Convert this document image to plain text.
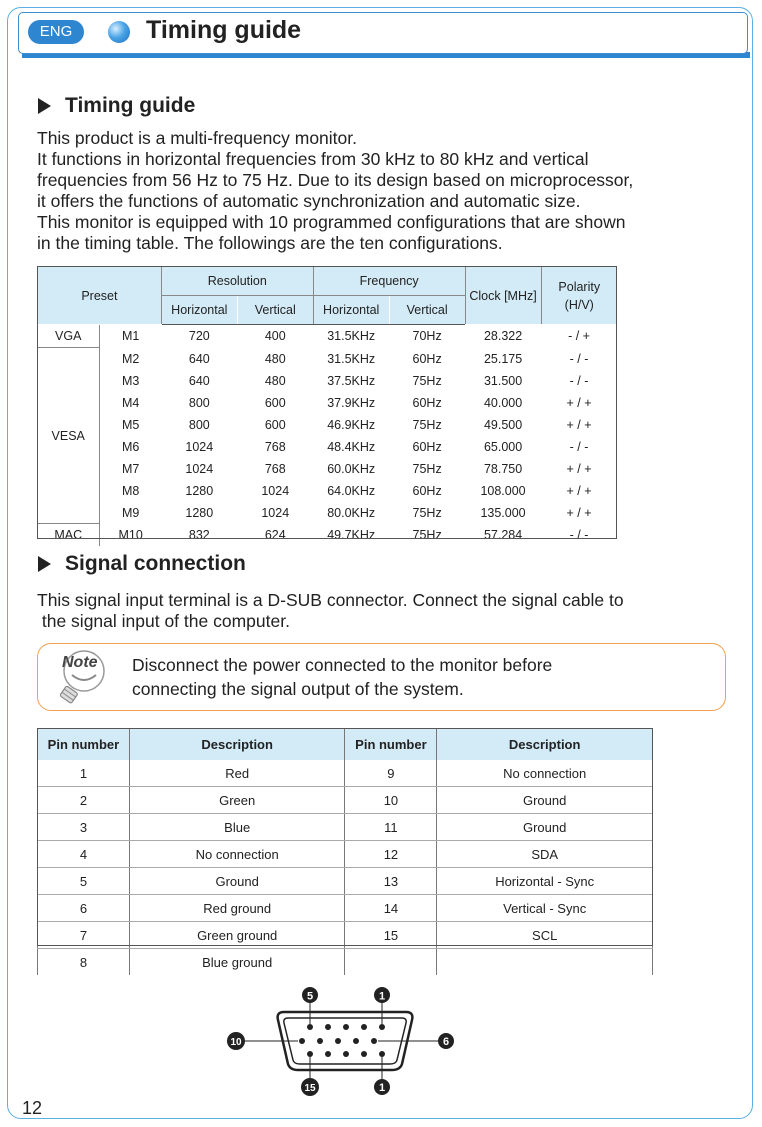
ENG	Timing guide
Timing guide
This product is a multi-frequency monitor.
It functions in horizontal frequencies from 30 kHz to 80 kHz and vertical
frequencies from 56 Hz to 75 Hz. Due to its design based on microprocessor,
it offers the functions of automatic synchronization and automatic size.
This monitor is equipped with 10 programmed configurations that are shown
in the timing table. The followings are the ten configurations.
Preset		Resolution		Frequency		Clock [MHz]	Polarity
(H/V)

		Horizontal	Vertical	Horizontal	Vertical		
VGA	M1	720	400	31.5KHz	70Hz	28.322	- / +
VESA	M2	640	480	31.5KHz	60Hz	25.175	- / -
	M3	640	480	37.5KHz	75Hz	31.500	- / -
	M4	800	600	37.9KHz	60Hz	40.000	+ / +
	M5	800	600	46.9KHz	75Hz	49.500	+ / +
	M6	1024	768	48.4KHz	60Hz	65.000	- / -
	M7	1024	768	60.0KHz	75Hz	78.750	+ / +
	M8	1280	1024	64.0KHz	60Hz	108.000	+ / +
	M9	1280	1024	80.0KHz	75Hz	135.000	+ / +
MAC	M10	832	624	49.7KHz	75Hz	57.284	- / -
Signal connection
This signal input terminal is a D-SUB connector. Connect the signal cable to
the signal input of the computer.
Note Disconnect the power connected to the monitor before
connecting the signal output of the system.
Pin number	Description	Pin number	Description
1	Red	9	No connection
2	Green	10	Ground
3	Blue	11	Ground
4	No connection	12	SDA
5	Ground	13	Horizontal - Sync
6	Red ground	14	Vertical - Sync
7	Green ground	15	SCL
8	Blue ground		
5	1
10	6
15	1
12
